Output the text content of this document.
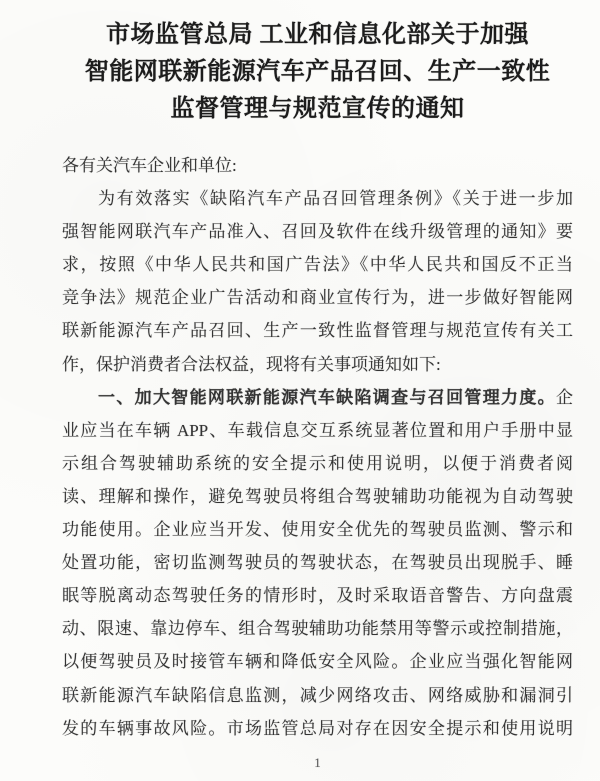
市场监管总局 工业和信息化部关于加强
智能网联新能源汽车产品召回、生产一致性
监督管理与规范宣传的通知
各有关汽车企业和单位:
为有效落实《缺陷汽车产品召回管理条例》《关于进一步加
强智能网联汽车产品准入、召回及软件在线升级管理的通知》要
求，按照《中华人民共和国广告法》《中华人民共和国反不正当
竞争法》规范企业广告活动和商业宣传行为，进一步做好智能网
联新能源汽车产品召回、生产一致性监督管理与规范宣传有关工
作，保护消费者合法权益，现将有关事项通知如下:
一、加大智能网联新能源汽车缺陷调查与召回管理力度。企
业应当在车辆 APP、车载信息交互系统显著位置和用户手册中显
示组合驾驶辅助系统的安全提示和使用说明，以便于消费者阅
读、理解和操作，避免驾驶员将组合驾驶辅助功能视为自动驾驶
功能使用。企业应当开发、使用安全优先的驾驶员监测、警示和
处置功能，密切监测驾驶员的驾驶状态，在驾驶员出现脱手、睡
眠等脱离动态驾驶任务的情形时，及时采取语音警告、方向盘震
动、限速、靠边停车、组合驾驶辅助功能禁用等警示或控制措施，
以便驾驶员及时接管车辆和降低安全风险。企业应当强化智能网
联新能源汽车缺陷信息监测，减少网络攻击、网络威胁和漏洞引
发的车辆事故风险。市场监管总局对存在因安全提示和使用说明
1
